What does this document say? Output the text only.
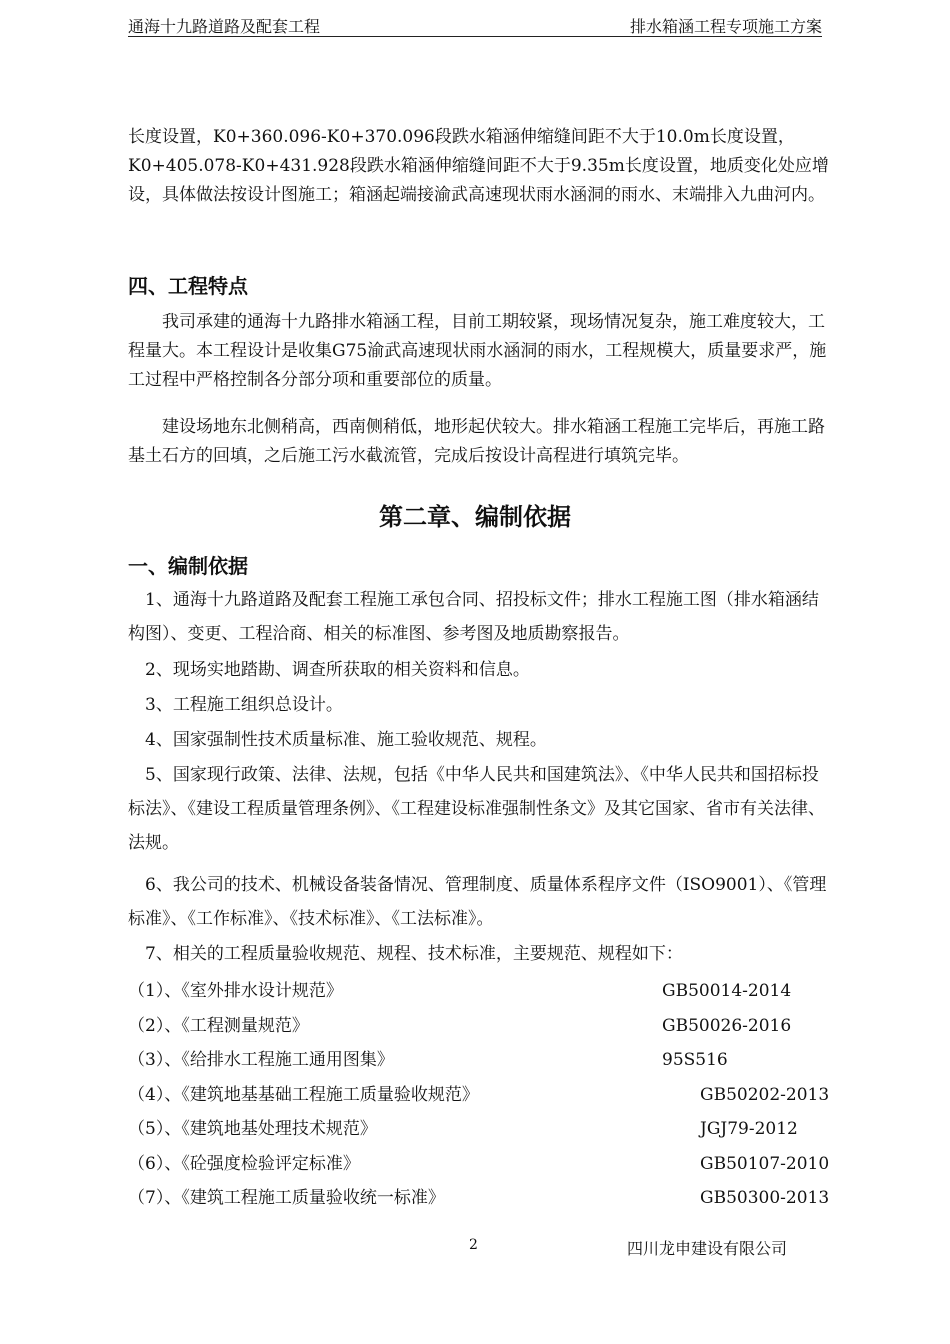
通海十九路道路及配套工程	排水箱涵工程专项施工方案

长度设置，K0+360.096-K0+370.096段跌水箱涵伸缩缝间距不大于10.0m长度设置，K0+405.078-K0+431.928段跌水箱涵伸缩缝间距不大于9.35m长度设置，地质变化处应增设，具体做法按设计图施工；箱涵起端接渝武高速现状雨水涵洞的雨水、末端排入九曲河内。

四、工程特点

我司承建的通海十九路排水箱涵工程，目前工期较紧，现场情况复杂，施工难度较大，工程量大。本工程设计是收集G75渝武高速现状雨水涵洞的雨水，工程规模大，质量要求严，施工过程中严格控制各分部分项和重要部位的质量。

建设场地东北侧稍高，西南侧稍低，地形起伏较大。排水箱涵工程施工完毕后，再施工路基土石方的回填，之后施工污水截流管，完成后按设计高程进行填筑完毕。

第二章、编制依据
一、编制依据

1、通海十九路道路及配套工程施工承包合同、招投标文件；排水工程施工图（排水箱涵结构图）、变更、工程洽商、相关的标准图、参考图及地质勘察报告。

2、现场实地踏勘、调查所获取的相关资料和信息。

3、工程施工组织总设计。

4、国家强制性技术质量标准、施工验收规范、规程。

5、国家现行政策、法律、法规，包括《中华人民共和国建筑法》、《中华人民共和国招标投标法》、《建设工程质量管理条例》、《工程建设标准强制性条文》及其它国家、省市有关法律、法规。

6、我公司的技术、机械设备装备情况、管理制度、质量体系程序文件（ISO9001）、《管理标准》、《工作标准》、《技术标准》、《工法标准》。

7、相关的工程质量验收规范、规程、技术标准，主要规范、规程如下：

（1）、《室外排水设计规范》	GB50014-2014
（2）、《工程测量规范》	GB50026-2016
（3）、《给排水工程施工通用图集》	95S516
（4）、《建筑地基基础工程施工质量验收规范》	GB50202-2013
（5）、《建筑地基处理技术规范》	JGJ79-2012
（6）、《砼强度检验评定标准》	GB50107-2010
（7）、《建筑工程施工质量验收统一标准》	GB50300-2013
2	四川龙申建设有限公司
